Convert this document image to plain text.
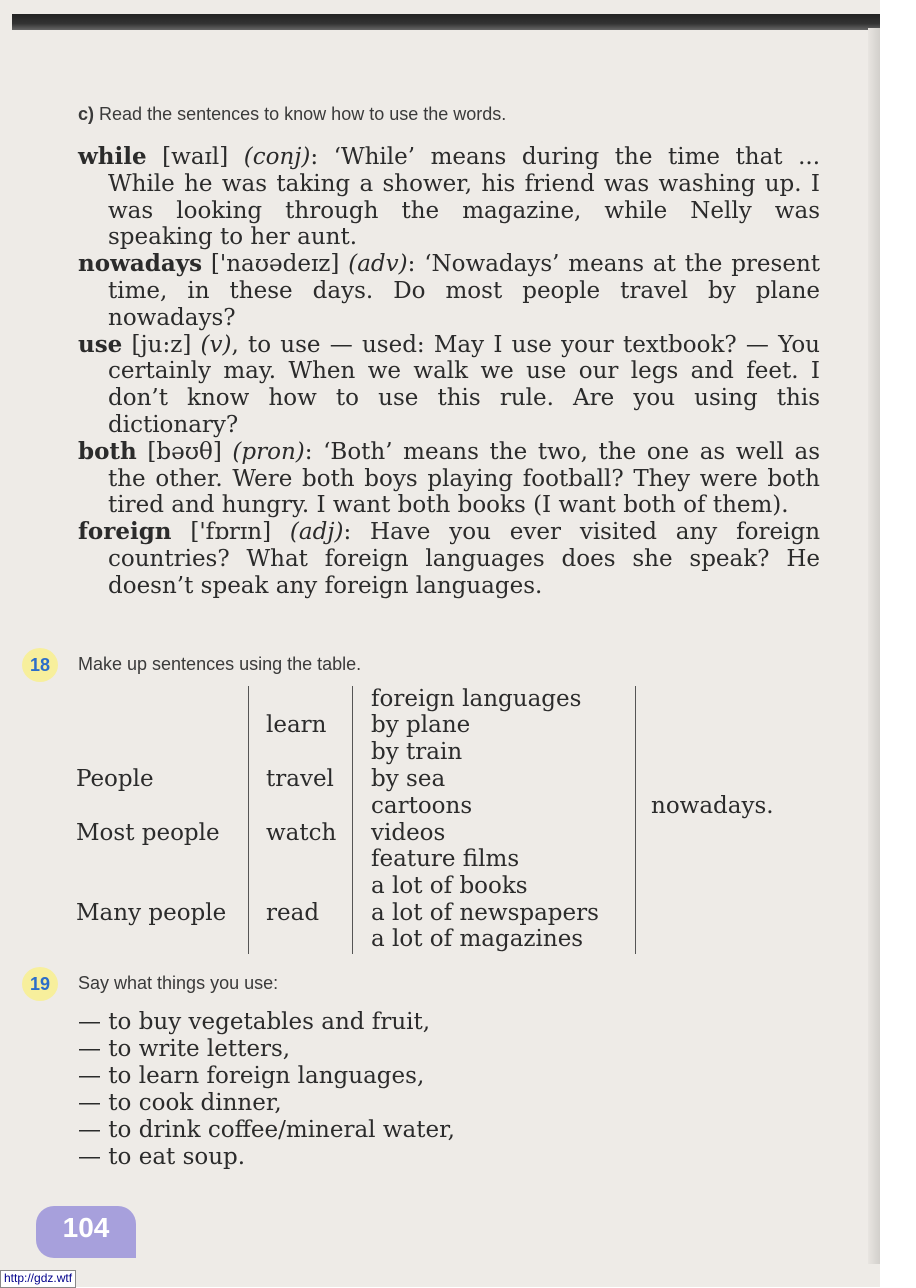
c) Read the sentences to know how to use the words.

while [waɪl] (conj): ‘While’ means during the time that ... While he was taking a shower, his friend was washing up. I was looking through the magazine, while Nelly was speaking to her aunt.

nowadays ['naʊədeɪz] (adv): ‘Nowadays’ means at the present time, in these days. Do most people travel by plane nowadays?

use [ju:z] (v), to use — used: May I use your textbook? — You certainly may. When we walk we use our legs and feet. I don’t know how to use this rule. Are you using this dictionary?

both [bəʊθ] (pron): ‘Both’ means the two, the one as well as the other. Were both boys playing football? They were both tired and hungry. I want both books (I want both of them).

foreign ['fɒrɪn] (adj): Have you ever visited any foreign countries? What foreign languages does she speak? He doesn’t speak any foreign languages.

18	Make up sentences using the table.
People
Most people
Many people
learn
travel
watch
read
foreign languages
by plane
by train
by sea
cartoons
videos
feature films
a lot of books
a lot of newspapers
a lot of magazines
nowadays.
19	Say what things you use:

— to buy vegetables and fruit,

— to write letters,

— to learn foreign languages,

— to cook dinner,

— to drink coffee/mineral water,

— to eat soup.

104
http://gdz.wtf
